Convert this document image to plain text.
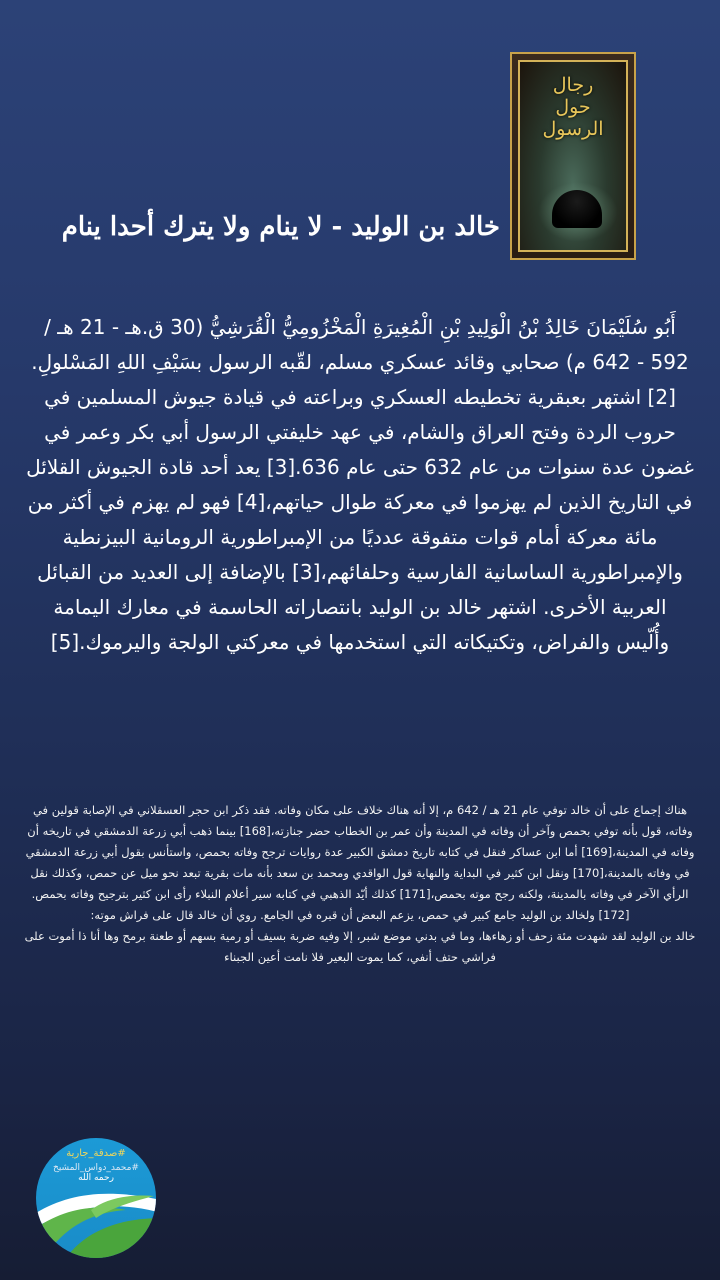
رجال
حول
الرسول
خالد بن الوليد - لا ينام ولا يترك أحدا ينام
أَبُو سُلَيْمَانَ خَالِدُ بْنُ الْوَلِيدِ بْنِ الْمُغِيرَةِ الْمَخْزُومِيُّ الْقُرَشِيُّ (30 ق.هـ - 21 هـ / 592 - 642 م) صحابي وقائد عسكري مسلم، لقّبه الرسول بسَيْفِ اللهِ المَسْلولِ.[2] اشتهر بعبقرية تخطيطه العسكري وبراعته في قيادة جيوش المسلمين في حروب الردة وفتح العراق والشام، في عهد خليفتي الرسول أبي بكر وعمر في غضون عدة سنوات من عام 632 حتى عام 636.[3] يعد أحد قادة الجيوش القلائل في التاريخ الذين لم يهزموا في معركة طوال حياتهم،[4] فهو لم يهزم في أكثر من مائة معركة أمام قوات متفوقة عدديًا من الإمبراطورية الرومانية البيزنطية والإمبراطورية الساسانية الفارسية وحلفائهم،[3] بالإضافة إلى العديد من القبائل العربية الأخرى. اشتهر خالد بن الوليد بانتصاراته الحاسمة في معارك اليمامة وأُلّيس والفراض، وتكتيكاته التي استخدمها في معركتي الولجة واليرموك.[5]
هناك إجماع على أن خالد توفي عام 21 هـ / 642 م، إلا أنه هناك خلاف على مكان وفاته. فقد ذكر ابن حجر العسقلاني في الإصابة قولين في وفاته، قول بأنه توفي بحمص وآخر أن وفاته في المدينة وأن عمر بن الخطاب حضر جنازته،[168] بينما ذهب أبي زرعة الدمشقي في تاريخه أن وفاته في المدينة،[169] أما ابن عساكر فنقل في كتابه تاريخ دمشق الكبير عدة روايات ترجح وفاته بحمص، واستأنس بقول أبي زرعة الدمشقي في وفاته بالمدينة،[170] ونقل ابن كثير في البداية والنهاية قول الواقدي ومحمد بن سعد بأنه مات بقرية تبعد نحو ميل عن حمص، وكذلك نقل الرأي الآخر في وفاته بالمدينة، ولكنه رجح موته بحمص،[171] كذلك أيّد الذهبي في كتابه سير أعلام النبلاء رأى ابن كثير بترجيح وفاته بحمص.[172] ولخالد بن الوليد جامع كبير في حمص، يزعم البعض أن قبره في الجامع. روي أن خالد قال على فراش موته:
خالد بن الوليد لقد شهدت مئة زحف أو زهاءها، وما في بدني موضع شبر، إلا وفيه ضربة بسيف أو رمية بسهم أو طعنة برمح وها أنا ذا أموت على فراشي حتف أنفي، كما يموت البعير فلا نامت أعين الجبناء
#صدقة_جارية
#محمد_دواس_المشيخ
رحمه الله
